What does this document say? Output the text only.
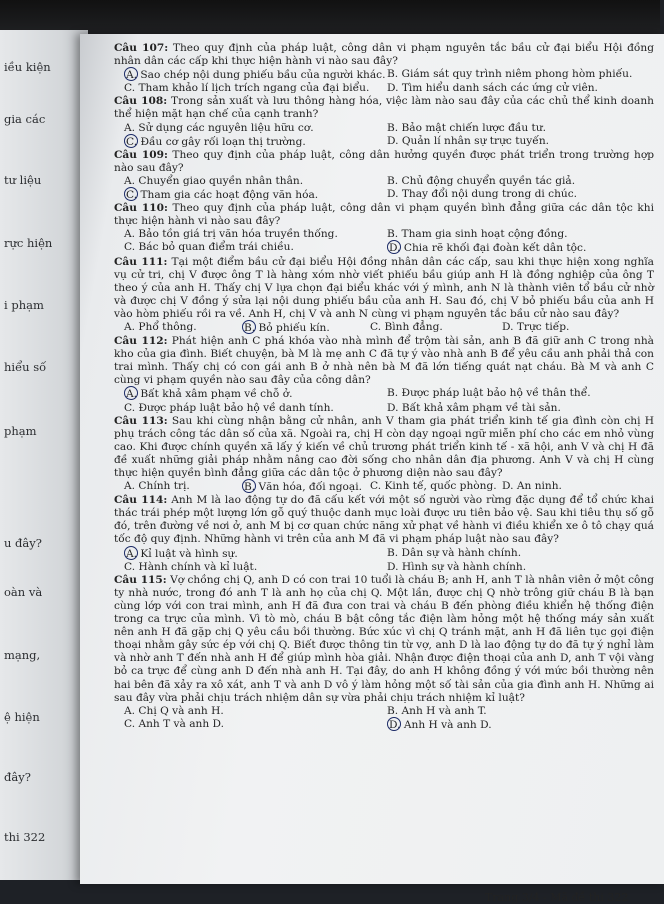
iều kiện
gia các
tư liệu
rực hiện
i phạm
hiểu số
phạm
u đây?
oàn và
mạng,
ệ hiện
đây?
thi 322

Câu 107: Theo quy định của pháp luật, công dân vi phạm nguyên tắc bầu cử đại biểu Hội đồng nhân dân các cấp khi thực hiện hành vi nào sau đây?

A. Sao chép nội dung phiếu bầu của người khác. B. Giám sát quy trình niêm phong hòm phiếu.
C. Tham khảo lí lịch trích ngang của đại biểu.	D. Tìm hiểu danh sách các ứng cử viên.

Câu 108: Trong sản xuất và lưu thông hàng hóa, việc làm nào sau đây của các chủ thể kinh doanh thể hiện mặt hạn chế của cạnh tranh?

A. Sử dụng các nguyên liệu hữu cơ.	B. Bảo mật chiến lược đầu tư.
C. Đầu cơ gây rối loạn thị trường.	D. Quản lí nhân sự trực tuyến.

Câu 109: Theo quy định của pháp luật, công dân hưởng quyền được phát triển trong trường hợp nào sau đây?

A. Chuyển giao quyền nhân thân.	B. Chủ động chuyển quyền tác giả.
C. Tham gia các hoạt động văn hóa.	D. Thay đổi nội dung trong di chúc.

Câu 110: Theo quy định của pháp luật, công dân vi phạm quyền bình đẳng giữa các dân tộc khi thực hiện hành vi nào sau đây?

A. Bảo tồn giá trị văn hóa truyền thống.	B. Tham gia sinh hoạt cộng đồng.
C. Bác bỏ quan điểm trái chiều.	D. Chia rẽ khối đại đoàn kết dân tộc.

Câu 111: Tại một điểm bầu cử đại biểu Hội đồng nhân dân các cấp, sau khi thực hiện xong nghĩa vụ cử tri, chị V được ông T là hàng xóm nhờ viết phiếu bầu giúp anh H là đồng nghiệp của ông T theo ý của anh H. Thấy chị V lựa chọn đại biểu khác với ý mình, anh N là thành viên tổ bầu cử nhờ và được chị V đồng ý sửa lại nội dung phiếu bầu của anh H. Sau đó, chị V bỏ phiếu bầu của anh H vào hòm phiếu rồi ra về. Anh H, chị V và anh N cùng vi phạm nguyên tắc bầu cử nào sau đây?

A. Phổ thông.	B. Bỏ phiếu kín.	C. Bình đẳng.	D. Trực tiếp.

Câu 112: Phát hiện anh C phá khóa vào nhà mình để trộm tài sản, anh B đã giữ anh C trong nhà kho của gia đình. Biết chuyện, bà M là mẹ anh C đã tự ý vào nhà anh B để yêu cầu anh phải thả con trai mình. Thấy chị có con gái anh B ở nhà nên bà M đã lớn tiếng quát nạt cháu. Bà M và anh C cùng vi phạm quyền nào sau đây của công dân?

A. Bất khả xâm phạm về chỗ ở.	B. Được pháp luật bảo hộ về thân thể.
C. Được pháp luật bảo hộ về danh tính.	D. Bất khả xâm phạm về tài sản.

Câu 113: Sau khi cùng nhận bằng cử nhân, anh V tham gia phát triển kinh tế gia đình còn chị H phụ trách công tác dân số của xã. Ngoài ra, chị H còn dạy ngoại ngữ miễn phí cho các em nhỏ vùng cao. Khi được chính quyền xã lấy ý kiến về chủ trương phát triển kinh tế - xã hội, anh V và chị H đã đề xuất những giải pháp nhằm nâng cao đời sống cho nhân dân địa phương. Anh V và chị H cùng thực hiện quyền bình đẳng giữa các dân tộc ở phương diện nào sau đây?

A. Chính trị.	B. Văn hóa, đối ngoại. C. Kinh tế, quốc phòng. D. An ninh.

Câu 114: Anh M là lao động tự do đã cấu kết với một số người vào rừng đặc dụng để tổ chức khai thác trái phép một lượng lớn gỗ quý thuộc danh mục loài được ưu tiên bảo vệ. Sau khi tiêu thụ số gỗ đó, trên đường về nơi ở, anh M bị cơ quan chức năng xử phạt về hành vi điều khiển xe ô tô chạy quá tốc độ quy định. Những hành vi trên của anh M đã vi phạm pháp luật nào sau đây?

A. Kỉ luật và hình sự.	B. Dân sự và hành chính.
C. Hành chính và kỉ luật.	D. Hình sự và hành chính.

Câu 115: Vợ chồng chị Q, anh D có con trai 10 tuổi là cháu B; anh H, anh T là nhân viên ở một công ty nhà nước, trong đó anh T là anh họ của chị Q. Một lần, được chị Q nhờ trông giữ cháu B là bạn cùng lớp với con trai mình, anh H đã đưa con trai và cháu B đến phòng điều khiển hệ thống điện trong ca trực của mình. Vì tò mò, cháu B bật công tắc điện làm hỏng một hệ thống máy sản xuất nên anh H đã gặp chị Q yêu cầu bồi thường. Bức xúc vì chị Q tránh mặt, anh H đã liên tục gọi điện thoại nhằm gây sức ép với chị Q. Biết được thông tin từ vợ, anh D là lao động tự do đã tự ý nghỉ làm và nhờ anh T đến nhà anh H để giúp mình hòa giải. Nhận được điện thoại của anh D, anh T vội vàng bỏ ca trực để cùng anh D đến nhà anh H. Tại đây, do anh H không đồng ý với mức bồi thường nên hai bên đã xảy ra xô xát, anh T và anh D vô ý làm hỏng một số tài sản của gia đình anh H. Những ai sau đây vừa phải chịu trách nhiệm dân sự vừa phải chịu trách nhiệm kỉ luật?

A. Chị Q và anh H.	B. Anh H và anh T.
C. Anh T và anh D.	D. Anh H và anh D.
Trang 3/4 - Mã đề thi 322
